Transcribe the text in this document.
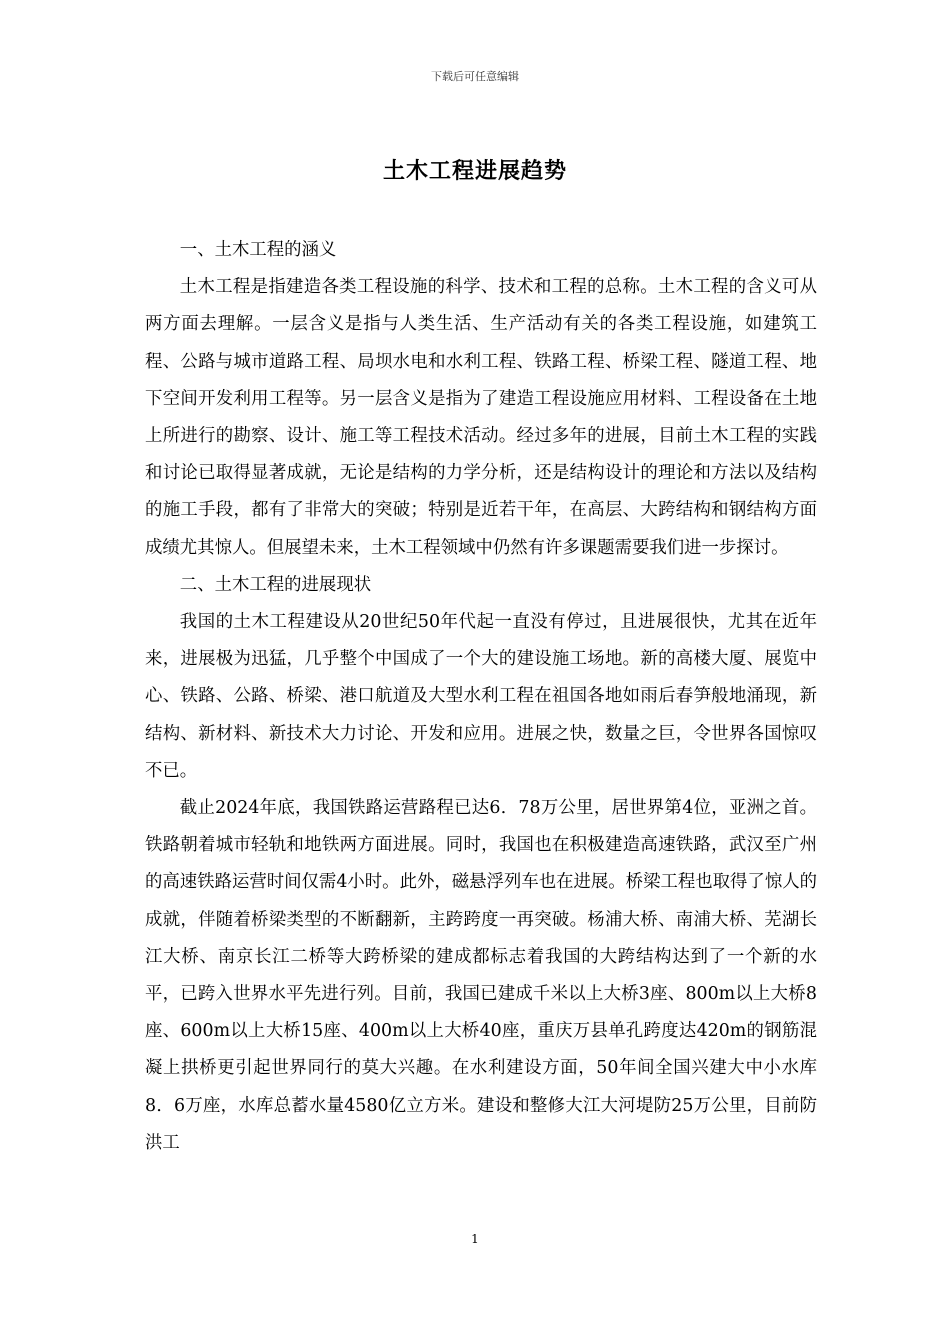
下载后可任意编辑
土木工程进展趋势

一、土木工程的涵义

土木工程是指建造各类工程设施的科学、技术和工程的总称。土木工程的含义可从两方面去理解。一层含义是指与人类生活、生产活动有关的各类工程设施，如建筑工程、公路与城市道路工程、局坝水电和水利工程、铁路工程、桥梁工程、隧道工程、地下空间开发利用工程等。另一层含义是指为了建造工程设施应用材料、工程设备在土地上所进行的勘察、设计、施工等工程技术活动。经过多年的进展，目前土木工程的实践和讨论已取得显著成就，无论是结构的力学分析，还是结构设计的理论和方法以及结构的施工手段，都有了非常大的突破；特别是近若干年，在高层、大跨结构和钢结构方面成绩尤其惊人。但展望未来，土木工程领域中仍然有许多课题需要我们进一步探讨。

二、土木工程的进展现状

我国的土木工程建设从20世纪50年代起一直没有停过，且进展很快，尤其在近年来，进展极为迅猛，几乎整个中国成了一个大的建设施工场地。新的高楼大厦、展览中心、铁路、公路、桥梁、港口航道及大型水利工程在祖国各地如雨后春笋般地涌现，新结构、新材料、新技术大力讨论、开发和应用。进展之快，数量之巨，令世界各国惊叹不已。

截止2024年底，我国铁路运营路程已达6．78万公里，居世界第4位，亚洲之首。铁路朝着城市轻轨和地铁两方面进展。同时，我国也在积极建造高速铁路，武汉至广州的高速铁路运营时间仅需4小时。此外，磁悬浮列车也在进展。桥梁工程也取得了惊人的成就，伴随着桥梁类型的不断翻新，主跨跨度一再突破。杨浦大桥、南浦大桥、芜湖长江大桥、南京长江二桥等大跨桥梁的建成都标志着我国的大跨结构达到了一个新的水平，已跨入世界水平先进行列。目前，我国已建成千米以上大桥3座、800m以上大桥8座、600m以上大桥15座、400m以上大桥40座，重庆万县单孔跨度达420m的钢筋混凝上拱桥更引起世界同行的莫大兴趣。在水利建设方面，50年间全国兴建大中小水库8．6万座，水库总蓄水量4580亿立方米。建设和整修大江大河堤防25万公里，目前防洪工

1
